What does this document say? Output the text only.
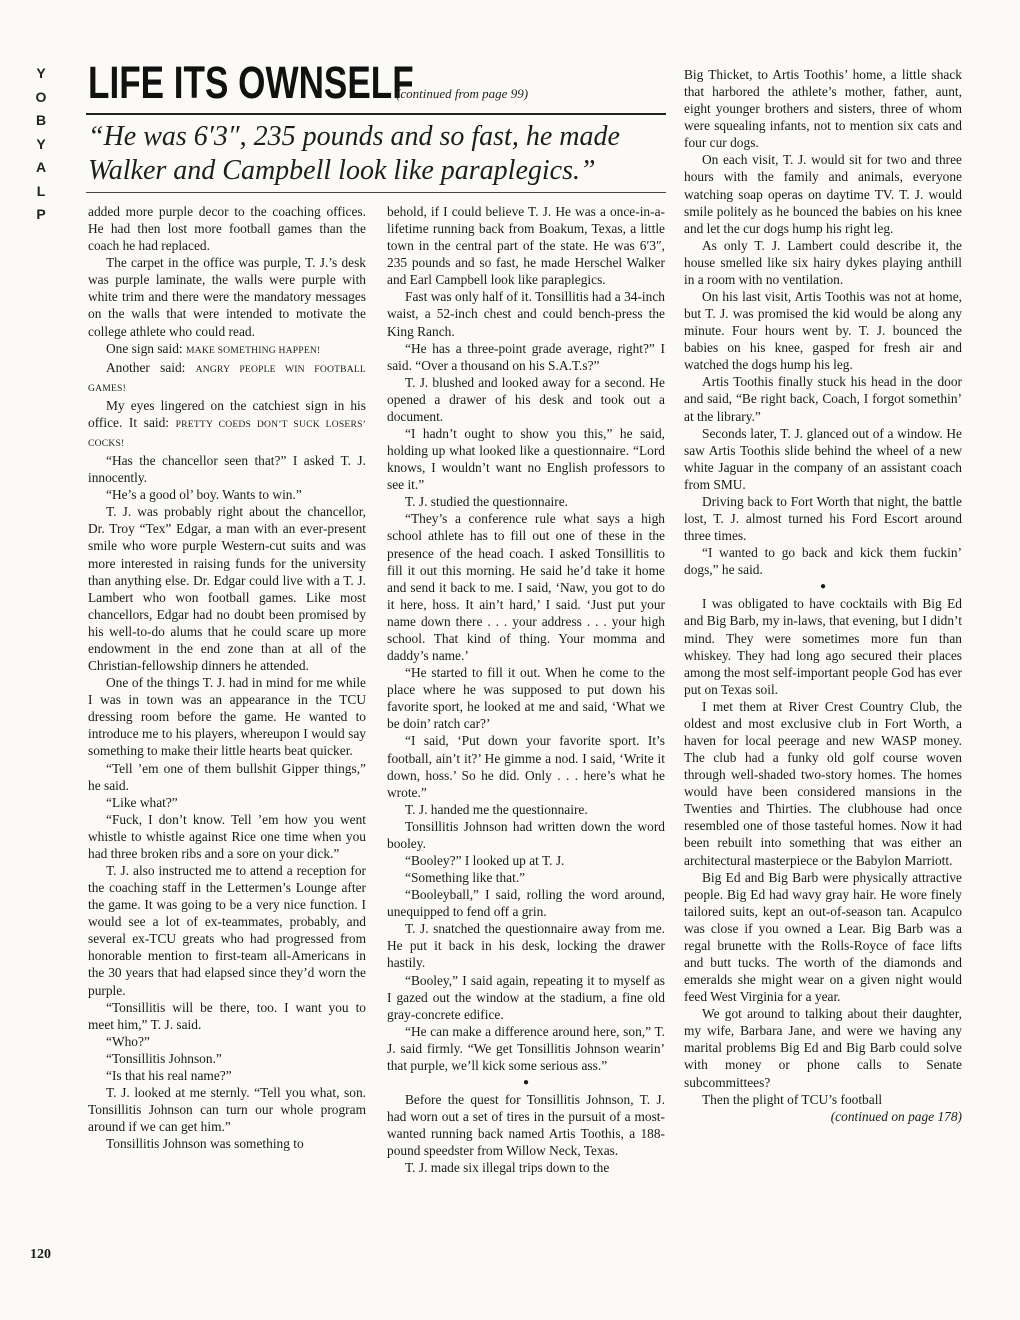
Y
O
B
Y
A
L
P
LIFE ITS OWNSELF
(continued from page 99)
“He was 6′3″, 235 pounds and so fast, he made Walker and Campbell look like paraplegics.”

added more purple decor to the coaching offices. He had then lost more football games than the coach he had replaced.

The carpet in the office was purple, T. J.’s desk was purple laminate, the walls were purple with white trim and there were the mandatory messages on the walls that were intended to motivate the college athlete who could read.

One sign said: MAKE SOMETHING HAPPEN!

Another said: ANGRY PEOPLE WIN FOOTBALL GAMES!

My eyes lingered on the catchiest sign in his office. It said: PRETTY COEDS DON’T SUCK LOSERS’ COCKS!

“Has the chancellor seen that?” I asked T. J. innocently.

“He’s a good ol’ boy. Wants to win.”

T. J. was probably right about the chancellor, Dr. Troy “Tex” Edgar, a man with an ever-present smile who wore purple Western-cut suits and was more interested in raising funds for the university than anything else. Dr. Edgar could live with a T. J. Lambert who won football games. Like most chancellors, Edgar had no doubt been promised by his well-to-do alums that he could scare up more endowment in the end zone than at all of the Christian-fellowship dinners he attended.

One of the things T. J. had in mind for me while I was in town was an appearance in the TCU dressing room before the game. He wanted to introduce me to his players, whereupon I would say something to make their little hearts beat quicker.

“Tell ’em one of them bullshit Gipper things,” he said.

“Like what?”

“Fuck, I don’t know. Tell ’em how you went whistle to whistle against Rice one time when you had three broken ribs and a sore on your dick.”

T. J. also instructed me to attend a reception for the coaching staff in the Lettermen’s Lounge after the game. It was going to be a very nice function. I would see a lot of ex-teammates, probably, and several ex-TCU greats who had progressed from honorable mention to first-team all-Americans in the 30 years that had elapsed since they’d worn the purple.

“Tonsillitis will be there, too. I want you to meet him,” T. J. said.

“Who?”

“Tonsillitis Johnson.”

“Is that his real name?”

T. J. looked at me sternly. “Tell you what, son. Tonsillitis Johnson can turn our whole program around if we can get him.”

Tonsillitis Johnson was something to

behold, if I could believe T. J. He was a once-in-a-lifetime running back from Boakum, Texas, a little town in the central part of the state. He was 6′3″, 235 pounds and so fast, he made Herschel Walker and Earl Campbell look like paraplegics.

Fast was only half of it. Tonsillitis had a 34-inch waist, a 52-inch chest and could bench-press the King Ranch.

“He has a three-point grade average, right?” I said. “Over a thousand on his S.A.T.s?”

T. J. blushed and looked away for a second. He opened a drawer of his desk and took out a document.

“I hadn’t ought to show you this,” he said, holding up what looked like a questionnaire. “Lord knows, I wouldn’t want no English professors to see it.”

T. J. studied the questionnaire.

“They’s a conference rule what says a high school athlete has to fill out one of these in the presence of the head coach. I asked Tonsillitis to fill it out this morning. He said he’d take it home and send it back to me. I said, ‘Naw, you got to do it here, hoss. It ain’t hard,’ I said. ‘Just put your name down there . . . your address . . . your high school. That kind of thing. Your momma and daddy’s name.’

“He started to fill it out. When he come to the place where he was supposed to put down his favorite sport, he looked at me and said, ‘What we be doin’ ratch car?’

“I said, ‘Put down your favorite sport. It’s football, ain’t it?’ He gimme a nod. I said, ‘Write it down, hoss.’ So he did. Only . . . here’s what he wrote.”

T. J. handed me the questionnaire.

Tonsillitis Johnson had written down the word booley.

“Booley?” I looked up at T. J.

“Something like that.”

“Booleyball,” I said, rolling the word around, unequipped to fend off a grin.

T. J. snatched the questionnaire away from me. He put it back in his desk, locking the drawer hastily.

“Booley,” I said again, repeating it to myself as I gazed out the window at the stadium, a fine old gray-concrete edifice.

“He can make a difference around here, son,” T. J. said firmly. “We get Tonsillitis Johnson wearin’ that purple, we’ll kick some serious ass.”

●

Before the quest for Tonsillitis Johnson, T. J. had worn out a set of tires in the pursuit of a most-wanted running back named Artis Toothis, a 188-pound speedster from Willow Neck, Texas.

T. J. made six illegal trips down to the

Big Thicket, to Artis Toothis’ home, a little shack that harbored the athlete’s mother, father, aunt, eight younger brothers and sisters, three of whom were squealing infants, not to mention six cats and four cur dogs.

On each visit, T. J. would sit for two and three hours with the family and animals, everyone watching soap operas on daytime TV. T. J. would smile politely as he bounced the babies on his knee and let the cur dogs hump his right leg.

As only T. J. Lambert could describe it, the house smelled like six hairy dykes playing anthill in a room with no ventilation.

On his last visit, Artis Toothis was not at home, but T. J. was promised the kid would be along any minute. Four hours went by. T. J. bounced the babies on his knee, gasped for fresh air and watched the dogs hump his leg.

Artis Toothis finally stuck his head in the door and said, “Be right back, Coach, I forgot somethin’ at the library.”

Seconds later, T. J. glanced out of a window. He saw Artis Toothis slide behind the wheel of a new white Jaguar in the company of an assistant coach from SMU.

Driving back to Fort Worth that night, the battle lost, T. J. almost turned his Ford Escort around three times.

“I wanted to go back and kick them fuckin’ dogs,” he said.

●

I was obligated to have cocktails with Big Ed and Big Barb, my in-laws, that evening, but I didn’t mind. They were sometimes more fun than whiskey. They had long ago secured their places among the most self-important people God has ever put on Texas soil.

I met them at River Crest Country Club, the oldest and most exclusive club in Fort Worth, a haven for local peerage and new WASP money. The club had a funky old golf course woven through well-shaded two-story homes. The homes would have been considered mansions in the Twenties and Thirties. The clubhouse had once resembled one of those tasteful homes. Now it had been rebuilt into something that was either an architectural masterpiece or the Babylon Marriott.

Big Ed and Big Barb were physically attractive people. Big Ed had wavy gray hair. He wore finely tailored suits, kept an out-of-season tan. Acapulco was close if you owned a Lear. Big Barb was a regal brunette with the Rolls-Royce of face lifts and butt tucks. The worth of the diamonds and emeralds she might wear on a given night would feed West Virginia for a year.

We got around to talking about their daughter, my wife, Barbara Jane, and were we having any marital problems Big Ed and Big Barb could solve with money or phone calls to Senate subcommittees?

Then the plight of TCU’s football

(continued on page 178)

120
